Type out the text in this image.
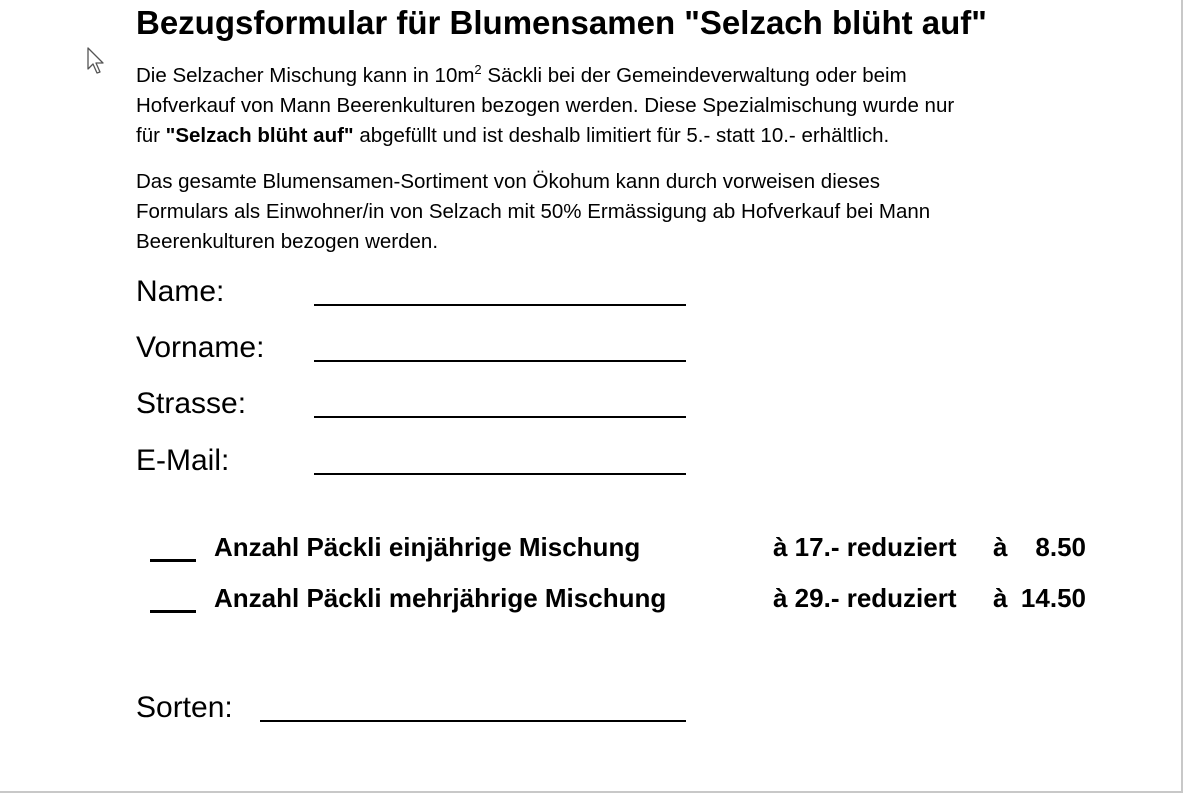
Bezugsformular für Blumensamen "Selzach blüht auf"

Die Selzacher Mischung kann in $10m^2$ Säckli bei der Gemeindeverwaltung oder beim
Hofverkauf von Mann Beerenkulturen bezogen werden. Diese Spezialmischung wurde nur
für "Selzach blüht auf" abgefüllt und ist deshalb limitiert für 5.- statt 10.- erhältlich.

Das gesamte Blumensamen-Sortiment von Ökohum kann durch vorweisen dieses
Formulars als Einwohner/in von Selzach mit 50% Ermässigung ab Hofverkauf bei Mann
Beerenkulturen bezogen werden.

Name:
Vorname:
Strasse:
E-Mail:
Anzahl Päckli einjährige Mischung	à 17.- reduziert à 8.50
Anzahl Päckli mehrjährige Mischung	à 29.- reduziert à 14.50
Sorten:
